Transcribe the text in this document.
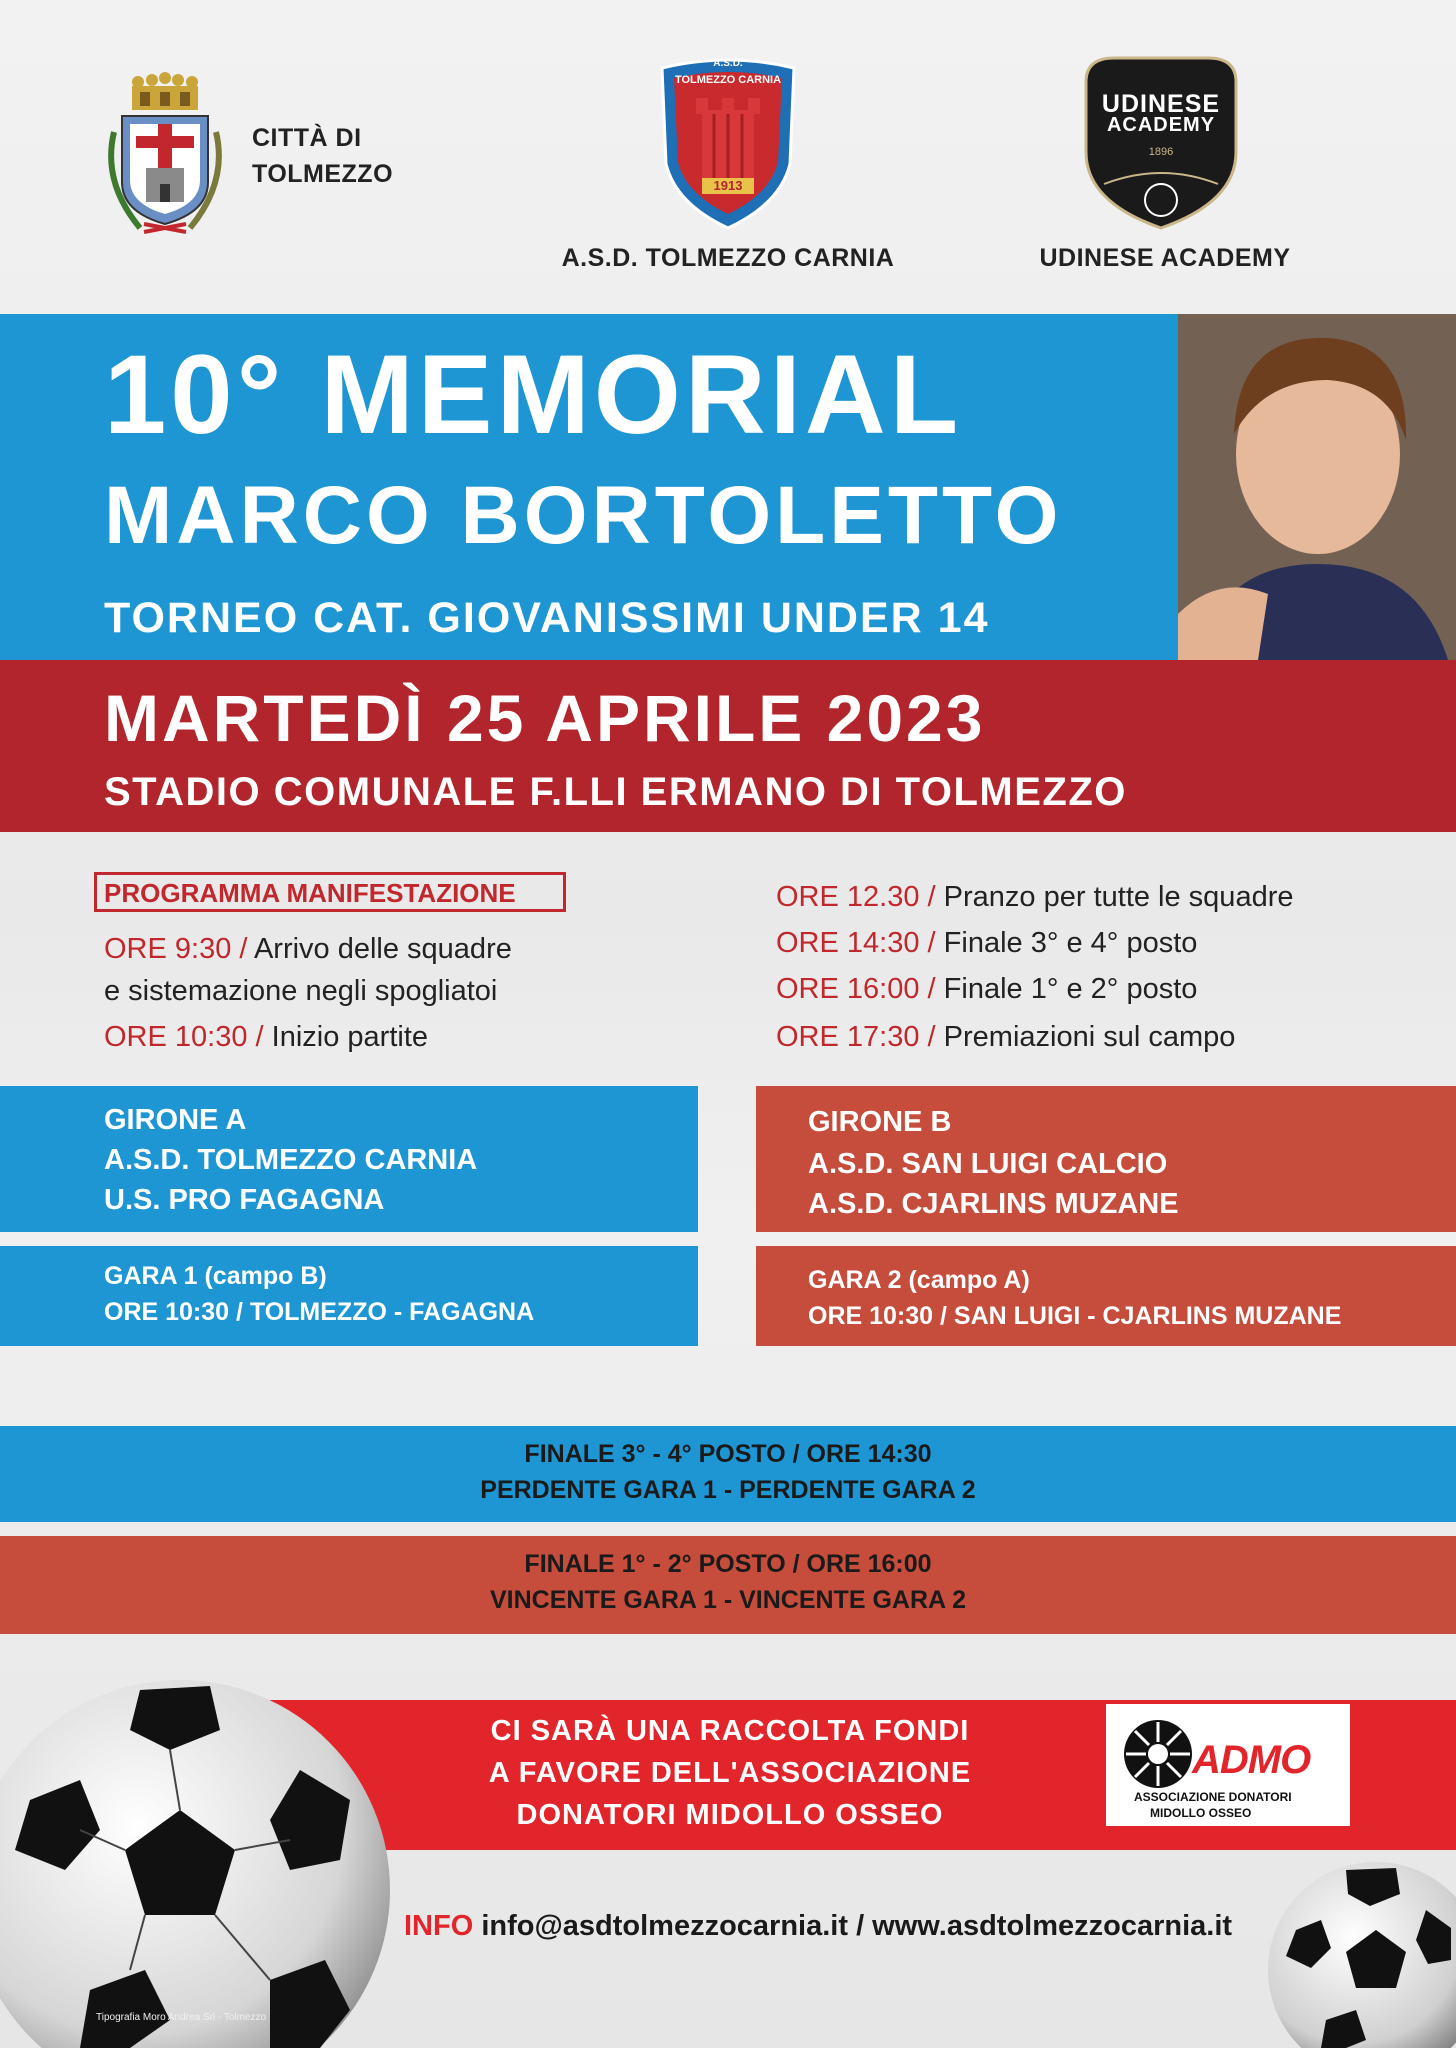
CITTÀ DI
TOLMEZZO
A.S.D.
TOLMEZZO CARNIA
1913
A.S.D. TOLMEZZO CARNIA
UDINESE
ACADEMY
1896
UDINESE ACADEMY
10° MEMORIAL
MARCO BORTOLETTO
TORNEO CAT. GIOVANISSIMI UNDER 14
MARTEDÌ 25 APRILE 2023
STADIO COMUNALE F.LLI ERMANO DI TOLMEZZO
PROGRAMMA MANIFESTAZIONE
ORE 9:30 / Arrivo delle squadre
e sistemazione negli spogliatoi
ORE 10:30 / Inizio partite
ORE 12.30 / Pranzo per tutte le squadre
ORE 14:30 / Finale 3° e 4° posto
ORE 16:00 / Finale 1° e 2° posto
ORE 17:30 / Premiazioni sul campo
GIRONE A
A.S.D. TOLMEZZO CARNIA
U.S. PRO FAGAGNA
GARA 1 (campo B)
ORE 10:30 / TOLMEZZO - FAGAGNA
GIRONE B
A.S.D. SAN LUIGI CALCIO
A.S.D. CJARLINS MUZANE
GARA 2 (campo A)
ORE 10:30 / SAN LUIGI - CJARLINS MUZANE
FINALE 3° - 4° POSTO / ORE 14:30
PERDENTE GARA 1 - PERDENTE GARA 2
FINALE 1° - 2° POSTO / ORE 16:00
VINCENTE GARA 1 - VINCENTE GARA 2
CI SARÀ UNA RACCOLTA FONDI
A FAVORE DELL'ASSOCIAZIONE
DONATORI MIDOLLO OSSEO
ADMO
ASSOCIAZIONE DONATORI
MIDOLLO OSSEO
INFO info@asdtolmezzocarnia.it / www.asdtolmezzocarnia.it
Tipografia Moro Andrea Srl - Tolmezzo
